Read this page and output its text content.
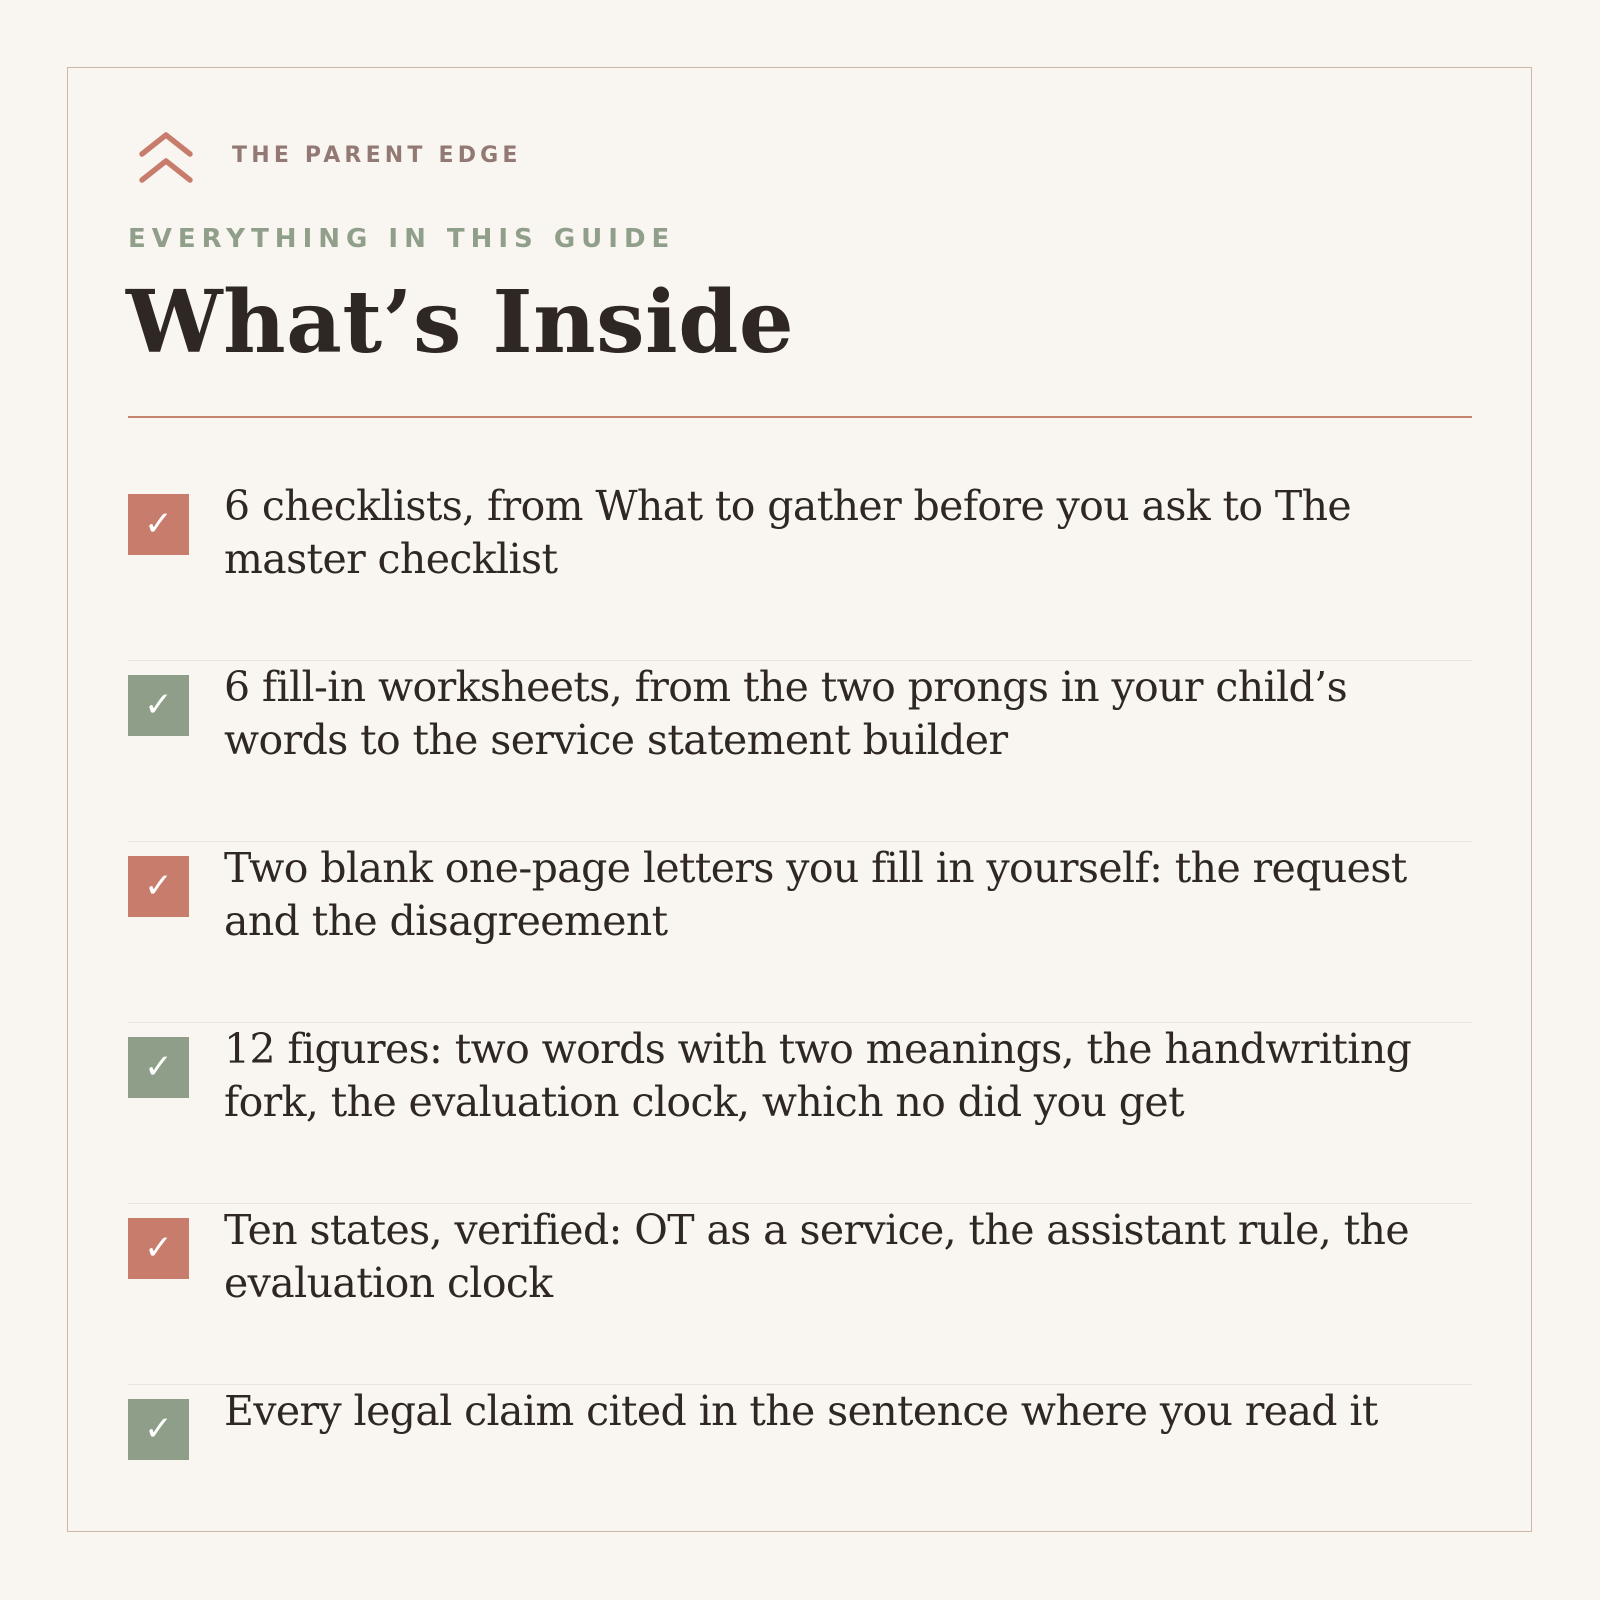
THE PARENT EDGE
EVERYTHING IN THIS GUIDE
What’s Inside
✓	6 checklists, from What to gather before you ask to The master checklist
✓	6 fill-in worksheets, from the two prongs in your child’s words to the service statement builder
✓	Two blank one-page letters you fill in yourself: the request and the disagreement
✓	12 figures: two words with two meanings, the handwriting fork, the evaluation clock, which no did you get
✓	Ten states, verified: OT as a service, the assistant rule, the evaluation clock
✓	Every legal claim cited in the sentence where you read it
